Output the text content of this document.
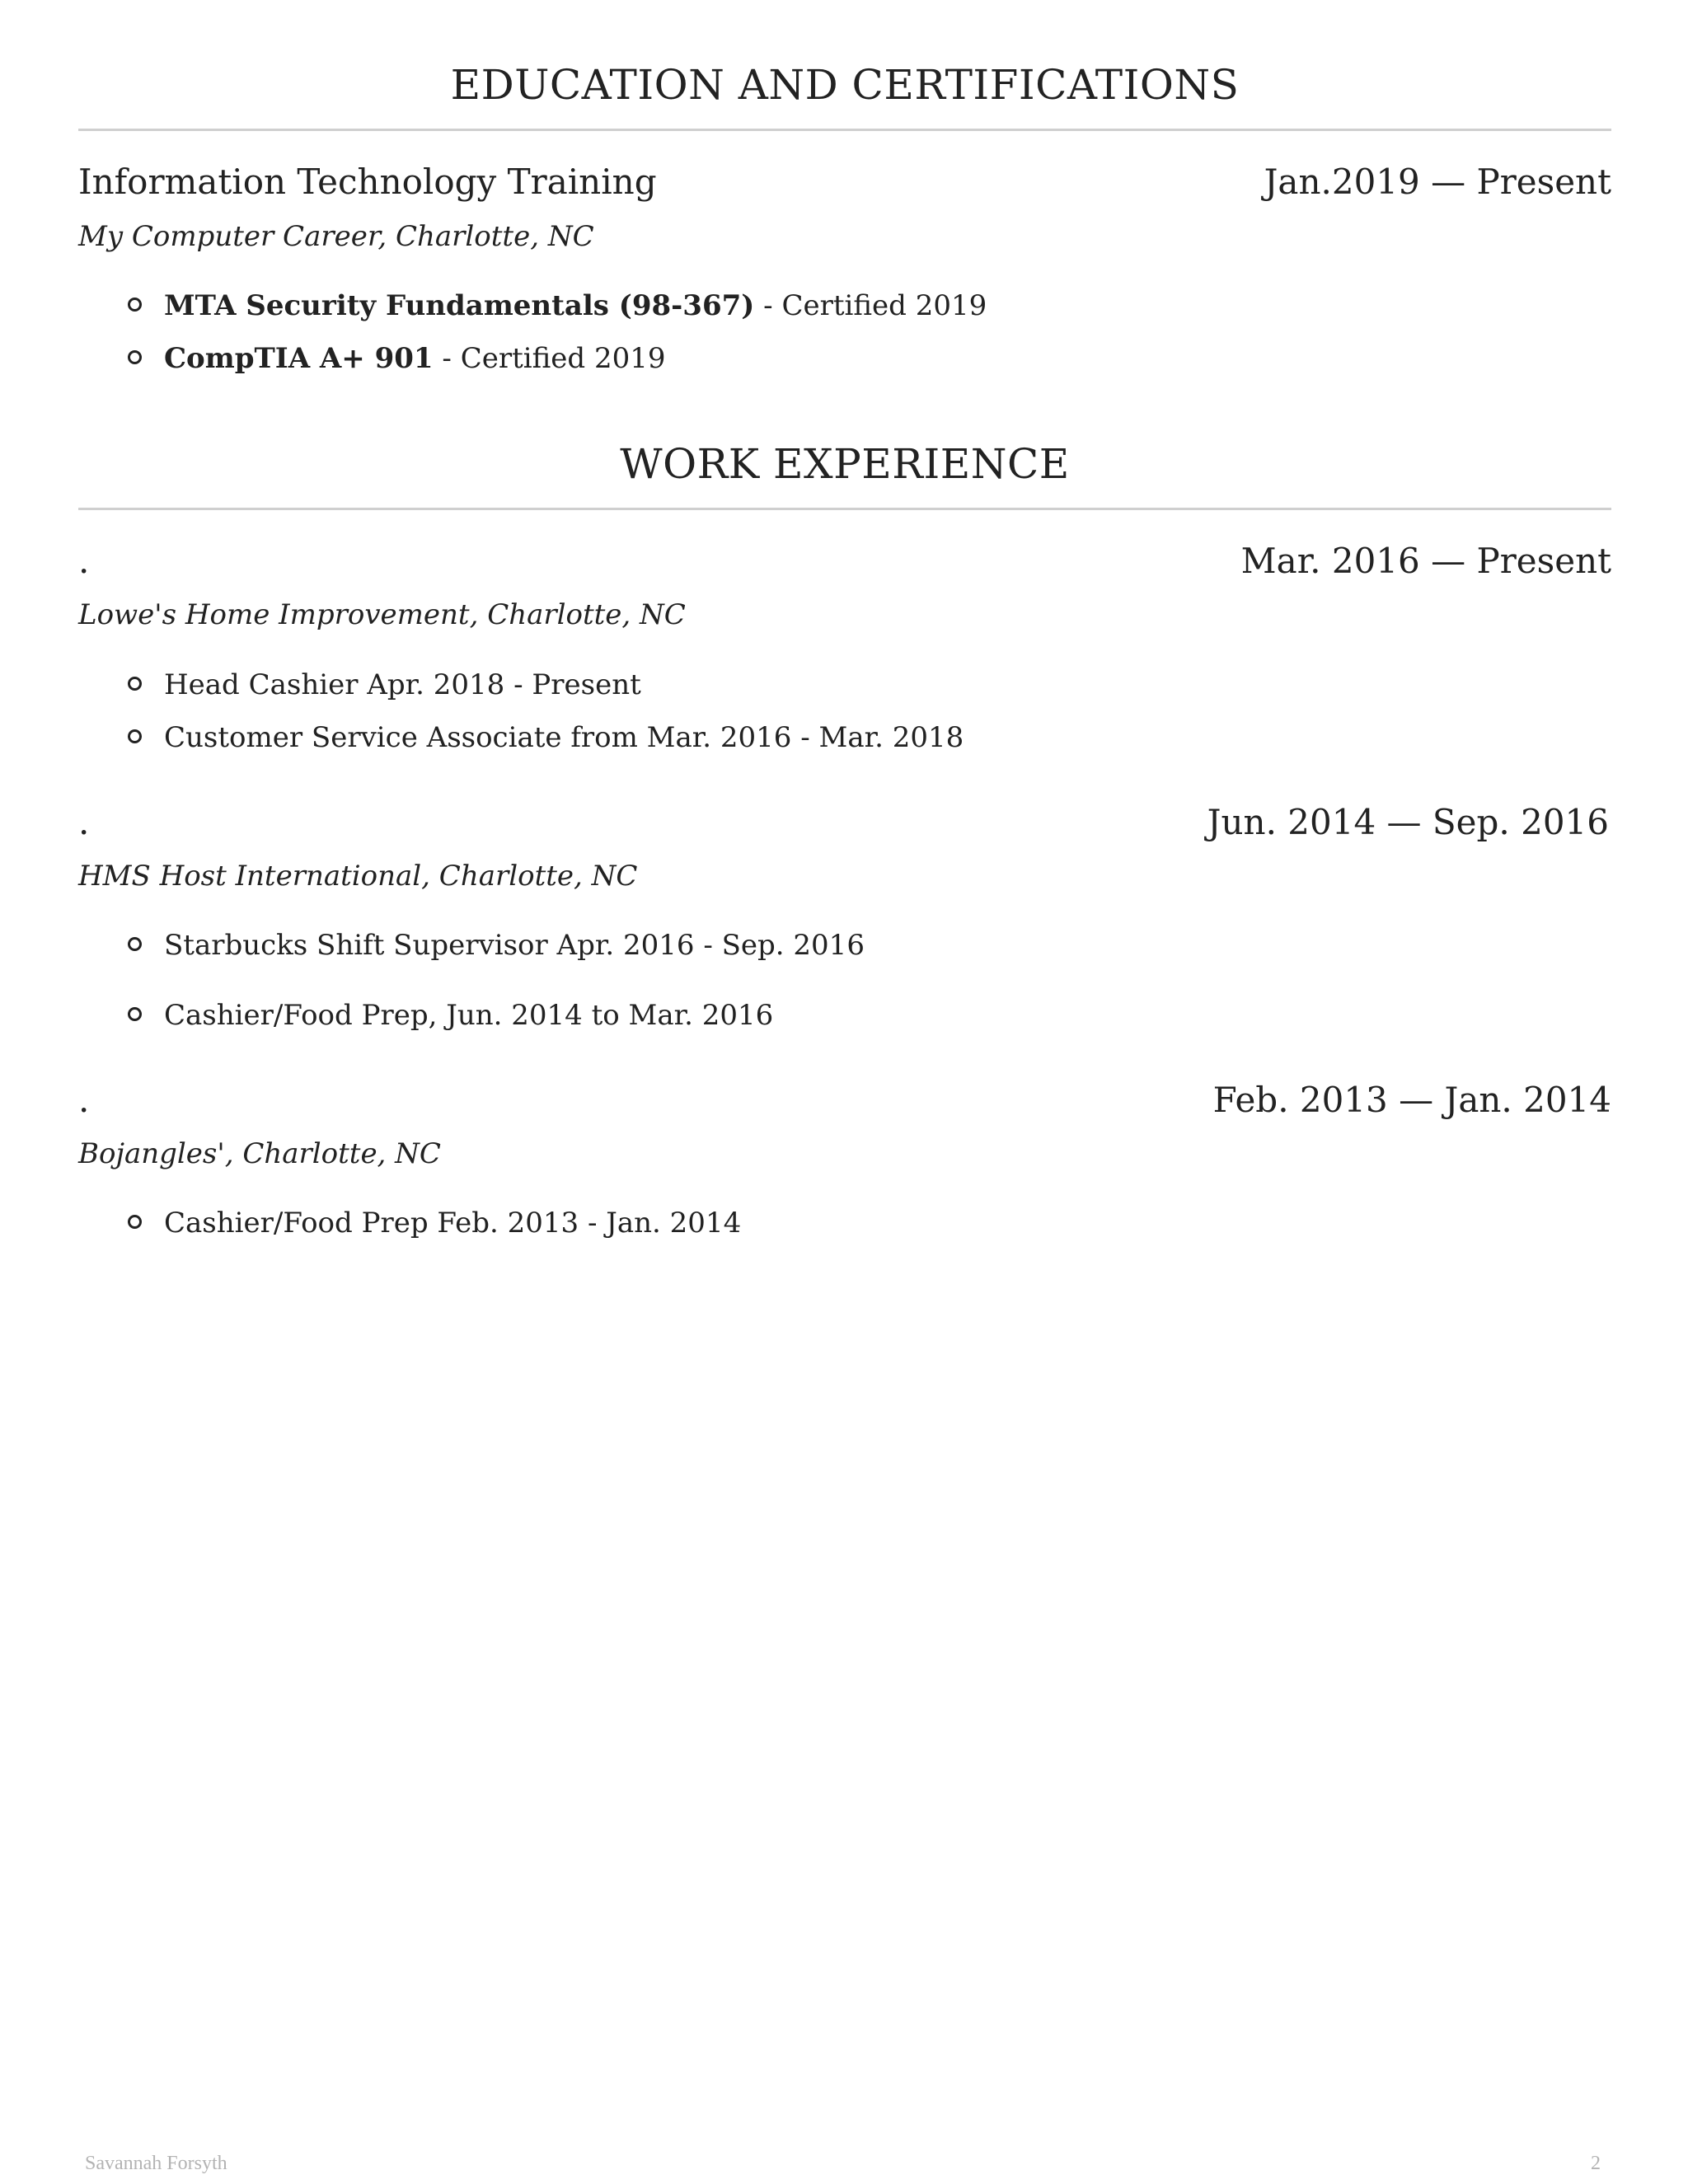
EDUCATION AND CERTIFICATIONS
Information Technology Training	Jan.2019 — Present
My Computer Career, Charlotte, NC
MTA Security Fundamentals (98-367) - Certified 2019
CompTIA A+ 901 - Certified 2019
WORK EXPERIENCE
.	Mar. 2016 — Present
Lowe's Home Improvement, Charlotte, NC
Head Cashier Apr. 2018 - Present
Customer Service Associate from Mar. 2016 - Mar. 2018
.	Jun. 2014 — Sep. 2016
HMS Host International, Charlotte, NC
Starbucks Shift Supervisor Apr. 2016 - Sep. 2016
Cashier/Food Prep, Jun. 2014 to Mar. 2016
.	Feb. 2013 — Jan. 2014
Bojangles', Charlotte, NC
Cashier/Food Prep Feb. 2013 - Jan. 2014
Savannah Forsyth	2
